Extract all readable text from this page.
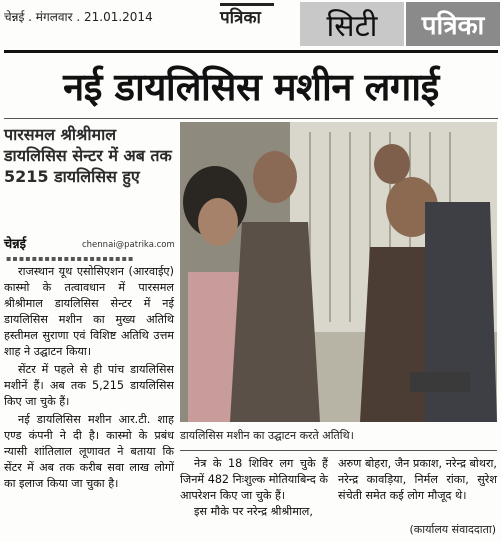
चेन्नई . मंगलवार . 21.01.2014	पत्रिका	सिटी	पत्रिका
नई डायलिसिस मशीन लगाई
पारसमल श्रीश्रीमाल डायलिसिस सेन्टर में अब तक 5215 डायलिसिस हुए
चेन्नई	chennai@patrika.com
▪▪▪▪▪▪▪▪▪▪▪▪▪▪▪▪▪▪▪▪

राजस्थान यूथ एसोसिएशन (आरवाईए) कास्मो के तत्वावधान में पारसमल श्रीश्रीमाल डायलिसिस सेन्टर में नई डायलिसिस मशीन का मुख्य अतिथि हस्तीमल सुराणा एवं विशिष्ट अतिथि उत्तम शाह ने उद्घाटन किया।

सेंटर में पहले से ही पांच डायलिसिस मशीनें हैं। अब तक 5,215 डायलिसिस किए जा चुके हैं।

नई डायलिसिस मशीन आर.टी. शाह एण्ड कंपनी ने दी है। कास्मो के प्रबंध न्यासी शांतिलाल लूणावत ने बताया कि सेंटर में अब तक करीब सवा लाख लोगों का इलाज किया जा चुका है।

डायलिसिस मशीन का उद्घाटन करते अतिथि।

नेत्र के 18 शिविर लग चुके हैं जिनमें 482 निःशुल्क मोतियाबिन्द के आपरेशन किए जा चुके हैं।

इस मौके पर नरेन्द्र श्रीश्रीमाल,

अरुण बोहरा, जैन प्रकाश, नरेन्द्र बोथरा, नरेन्द्र कावड़िया, निर्मल रांका, सुरेश संचेती समेत कई लोग मौजूद थे।

(कार्यालय संवाददाता)
